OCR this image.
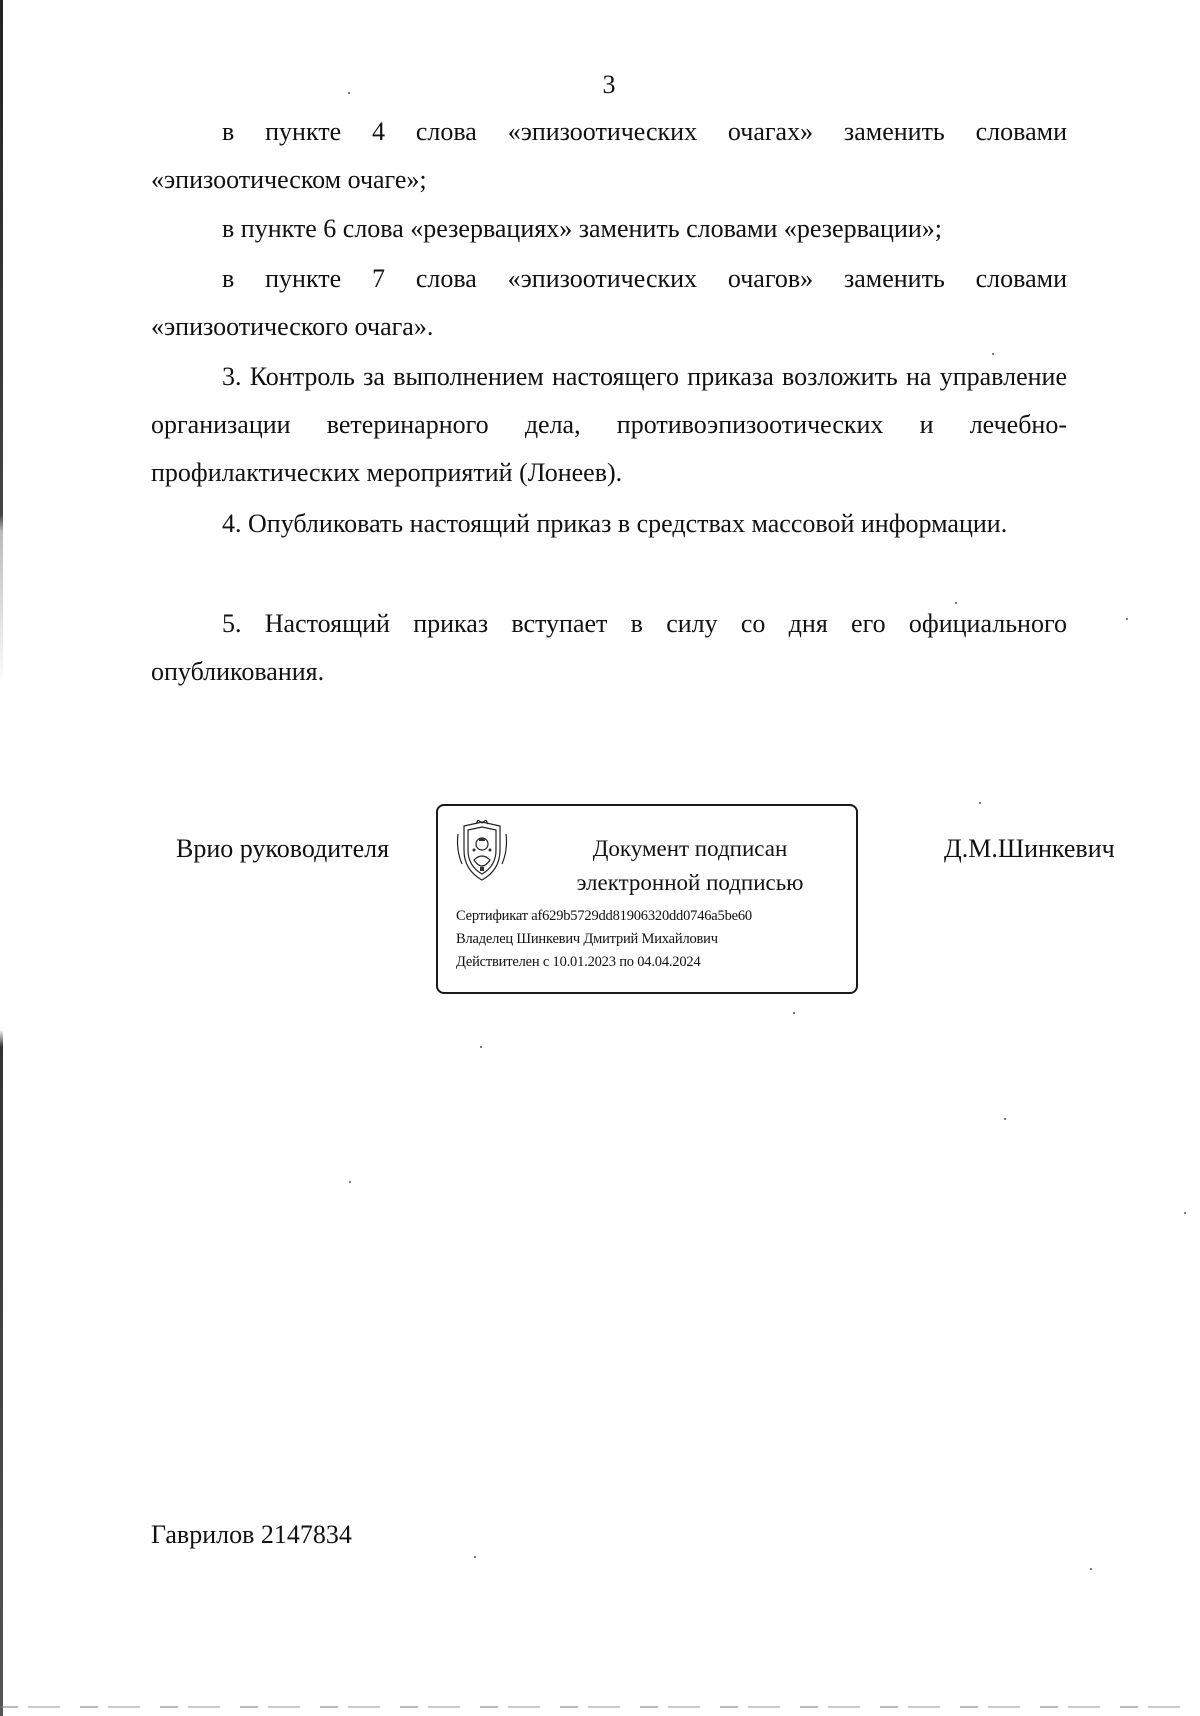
3

в пункте 4 слова «эпизоотических очагах» заменить словами «эпизоотическом очаге»;

в пункте 6 слова «резервациях» заменить словами «резервации»;

в пункте 7 слова «эпизоотических очагов» заменить словами «эпизоотического очага».

3. Контроль за выполнением настоящего приказа возложить на управление организации ветеринарного дела, противоэпизоотических и лечебно-профилактических мероприятий (Лонеев).

4. Опубликовать настоящий приказ в средствах массовой информации.

5. Настоящий приказ вступает в силу со дня его официального опубликования.

Врио руководителя	Документ подписан
электронной подписью
Сертификат af629b5729dd81906320dd0746a5be60
Владелец Шинкевич Дмитрий Михайлович
Действителен с 10.01.2023 по 04.04.2024
Д.М.Шинкевич
Гаврилов 2147834
